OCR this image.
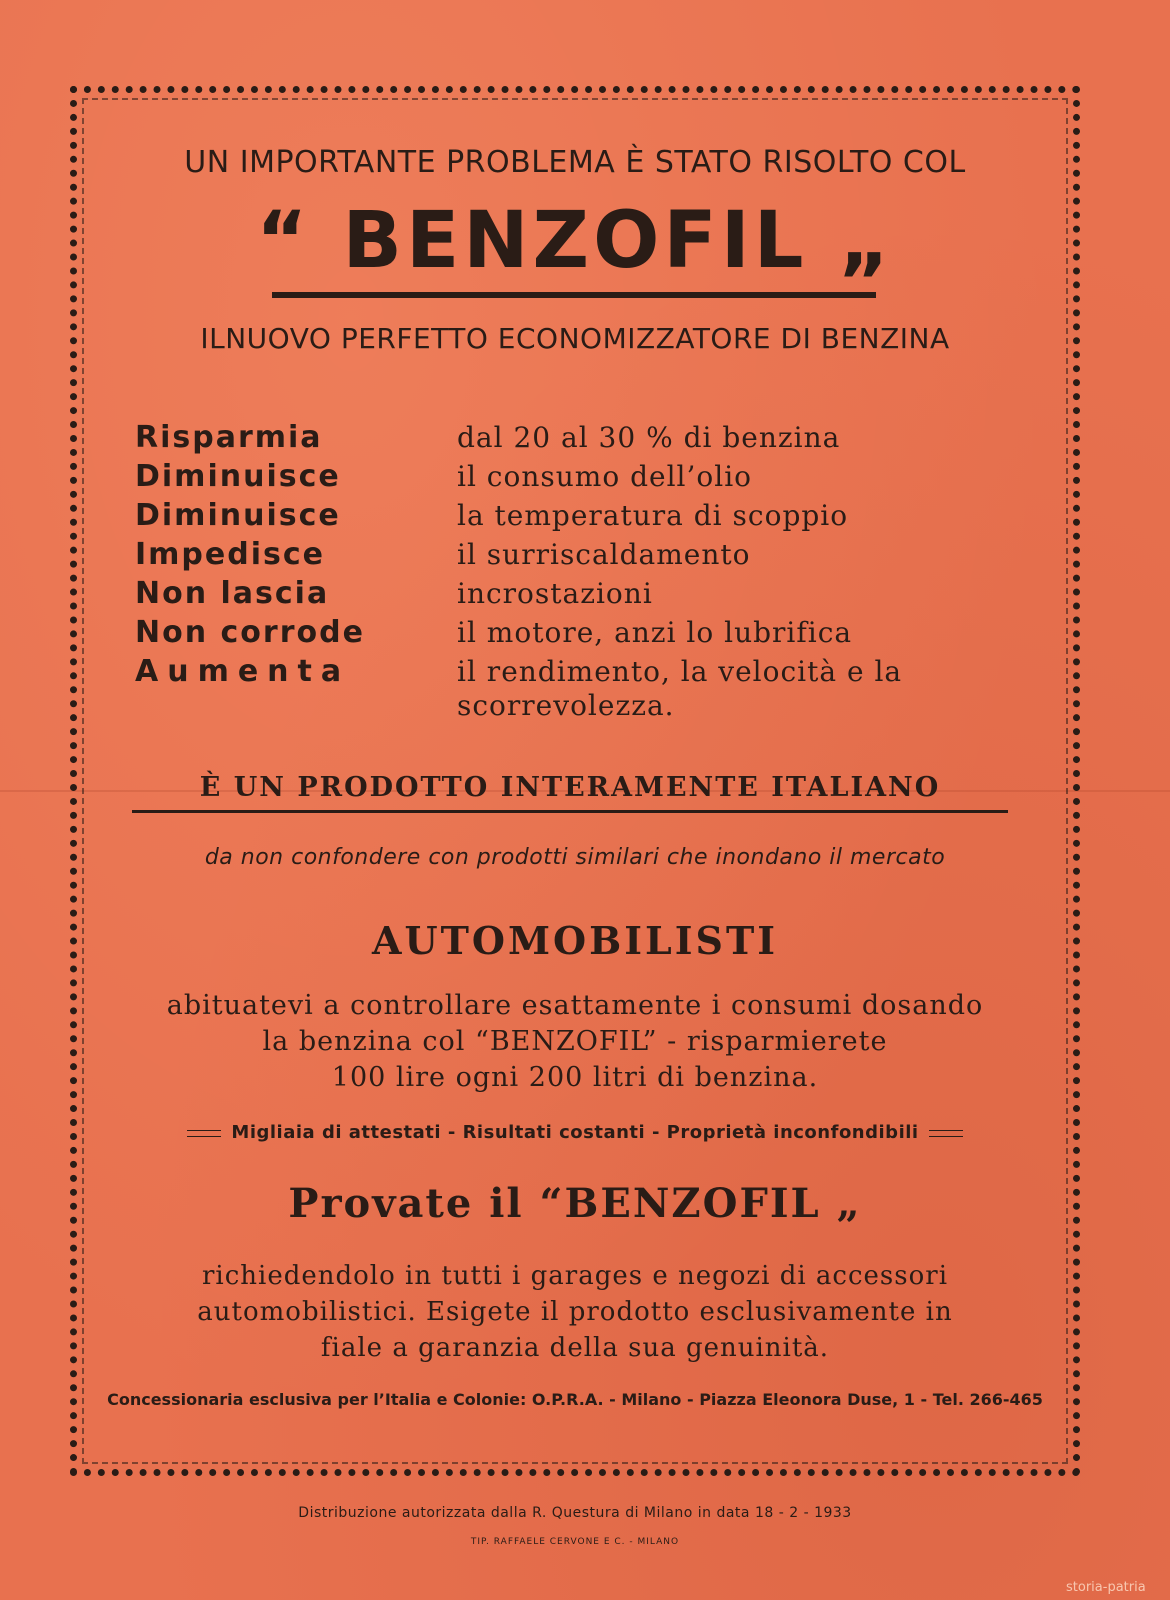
UN IMPORTANTE PROBLEMA È STATO RISOLTO COL
“ BENZOFIL „
ILNUOVO PERFETTO ECONOMIZZATORE DI BENZINA
Risparmia	dal 20 al 30 % di benzina
Diminuisce	il consumo dell’olio
Diminuisce	la temperatura di scoppio
Impedisce	il surriscaldamento
Non lascia	incrostazioni
Non corrode	il motore, anzi lo lubrifica
Aumenta	il rendimento, la velocità e la scorrevolezza.
È UN PRODOTTO INTERAMENTE ITALIANO
da non confondere con prodotti similari che inondano il mercato
AUTOMOBILISTI
abituatevi a controllare esattamente i consumi dosando
la benzina col “BENZOFIL” - risparmierete
100 lire ogni 200 litri di benzina.
Migliaia di attestati - Risultati costanti - Proprietà inconfondibili
Provate il “BENZOFIL „
richiedendolo in tutti i garages e negozi di accessori
automobilistici. Esigete il prodotto esclusivamente in
fiale a garanzia della sua genuinità.
Concessionaria esclusiva per l’Italia e Colonie: O.P.R.A. - Milano - Piazza Eleonora Duse, 1 - Tel. 266-465
Distribuzione autorizzata dalla R. Questura di Milano in data 18 - 2 - 1933
TIP. RAFFAELE CERVONE E C. - MILANO
storia-patria
